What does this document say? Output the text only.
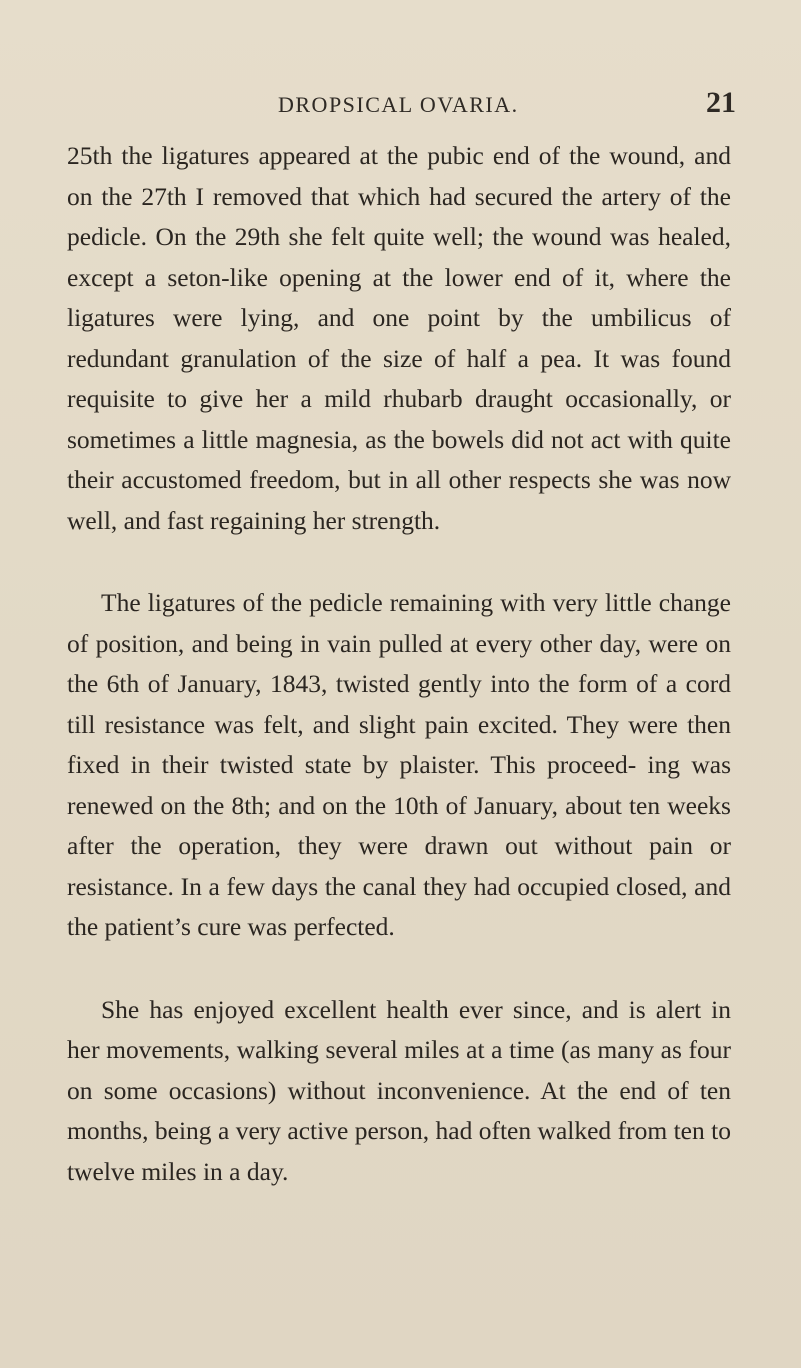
DROPSICAL OVARIA.	21

25th the ligatures appeared at the pubic end of the wound, and on the 27th I removed that which had secured the artery of the pedicle. On the 29th she felt quite well; the wound was healed, except a seton-like opening at the lower end of it, where the ligatures were lying, and one point by the umbilicus of redundant granulation of the size of half a pea. It was found requisite to give her a mild rhubarb draught occasionally, or sometimes a little magnesia, as the bowels did not act with quite their accustomed freedom, but in all other respects she was now well, and fast regaining her strength.

The ligatures of the pedicle remaining with very little change of position, and being in vain pulled at every other day, were on the 6th of January, 1843, twisted gently into the form of a cord till resistance was felt, and slight pain excited. They were then fixed in their twisted state by plaister. This proceed- ing was renewed on the 8th; and on the 10th of January, about ten weeks after the operation, they were drawn out without pain or resistance. In a few days the canal they had occupied closed, and the patient’s cure was perfected.

She has enjoyed excellent health ever since, and is alert in her movements, walking several miles at a time (as many as four on some occasions) without inconvenience. At the end of ten months, being a very active person, had often walked from ten to twelve miles in a day.
